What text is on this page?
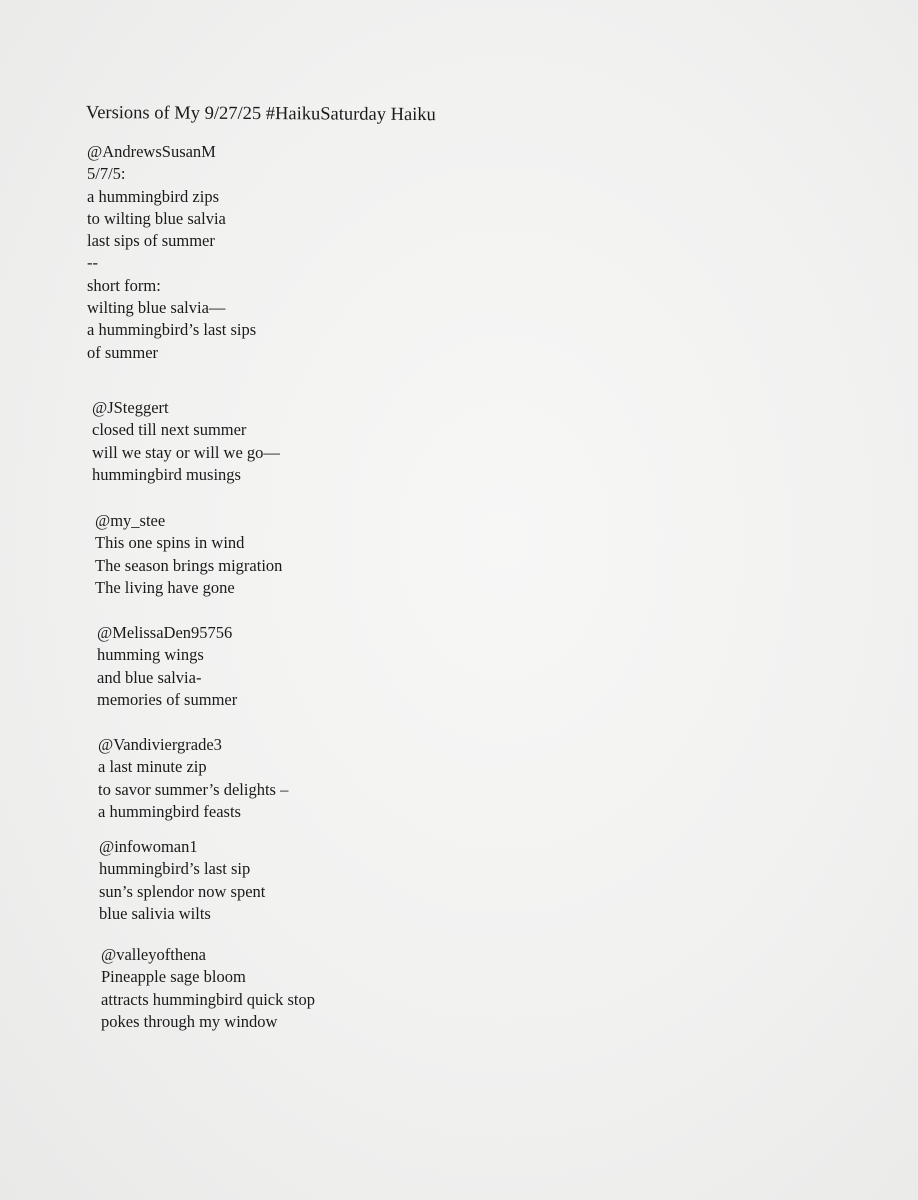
Versions of My 9/27/25 #HaikuSaturday Haiku
@AndrewsSusanM
5/7/5:
a hummingbird zips
to wilting blue salvia
last sips of summer
--
short form:
wilting blue salvia—
a hummingbird’s last sips
of summer
@JSteggert
closed till next summer
will we stay or will we go—
hummingbird musings
@my_stee
This one spins in wind
The season brings migration
The living have gone
@MelissaDen95756
humming wings
and blue salvia-
memories of summer
@Vandiviergrade3
a last minute zip
to savor summer’s delights –
a hummingbird feasts
@infowoman1
hummingbird’s last sip
sun’s splendor now spent
blue salivia wilts
@valleyofthena
Pineapple sage bloom
attracts hummingbird quick stop
pokes through my window
